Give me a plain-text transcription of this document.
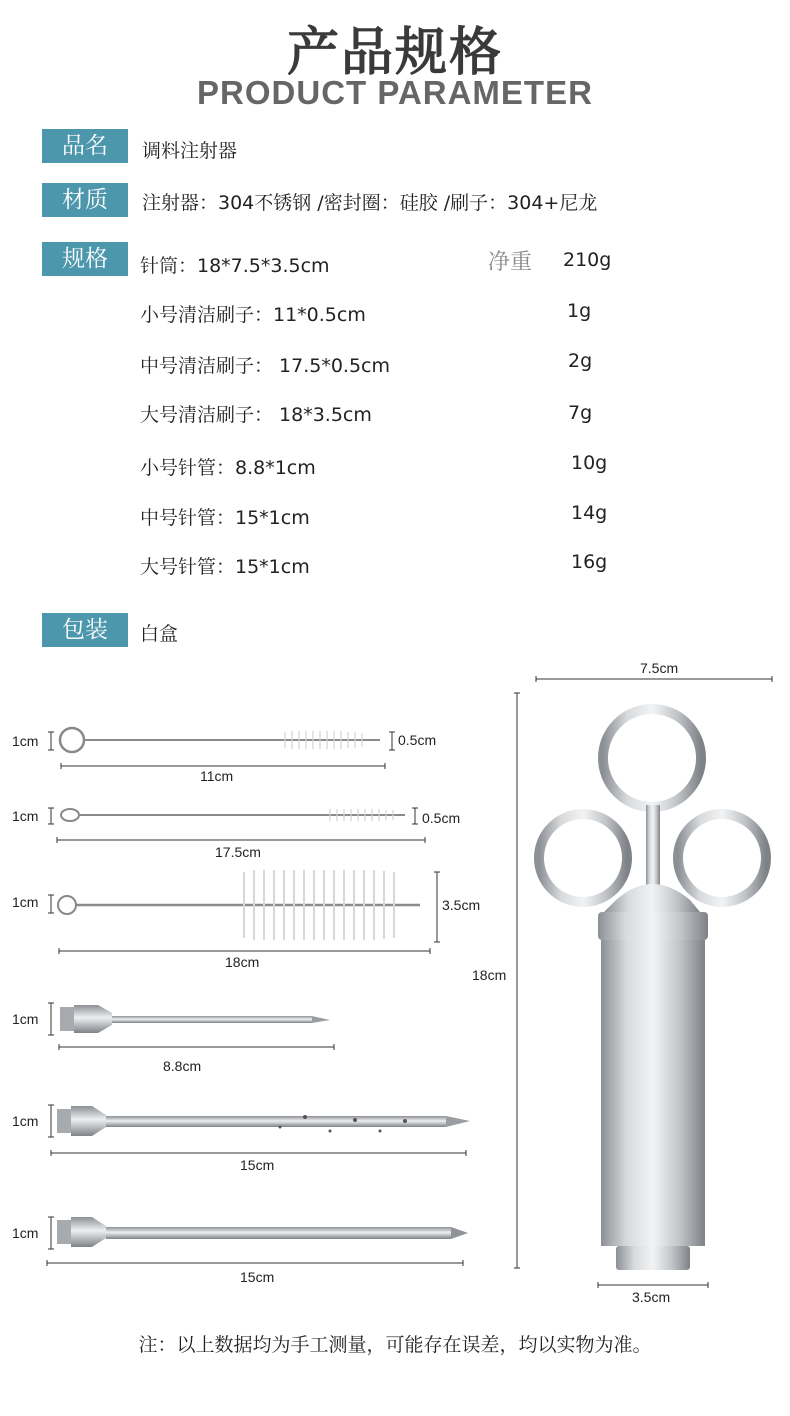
产品规格
PRODUCT PARAMETER
品名	调料注射器
材质	注射器：304不锈钢 /密封圈：硅胶 /刷子：304+尼龙
规格	净重
针筒：18*7.5*3.5cm	210g
小号清洁刷子：11*0.5cm	1g
中号清洁刷子： 17.5*0.5cm	2g
大号清洁刷子： 18*3.5cm	7g
小号针管：8.8*1cm	10g
中号针管：15*1cm	14g
大号针管：15*1cm	16g
包装	白盒
1cm	0.5cm
11cm
1cm	0.5cm
17.5cm
1cm	3.5cm
18cm
1cm
8.8cm
1cm
15cm
1cm
15cm
7.5cm
18cm
3.5cm
注：以上数据均为手工测量，可能存在误差，均以实物为准。
